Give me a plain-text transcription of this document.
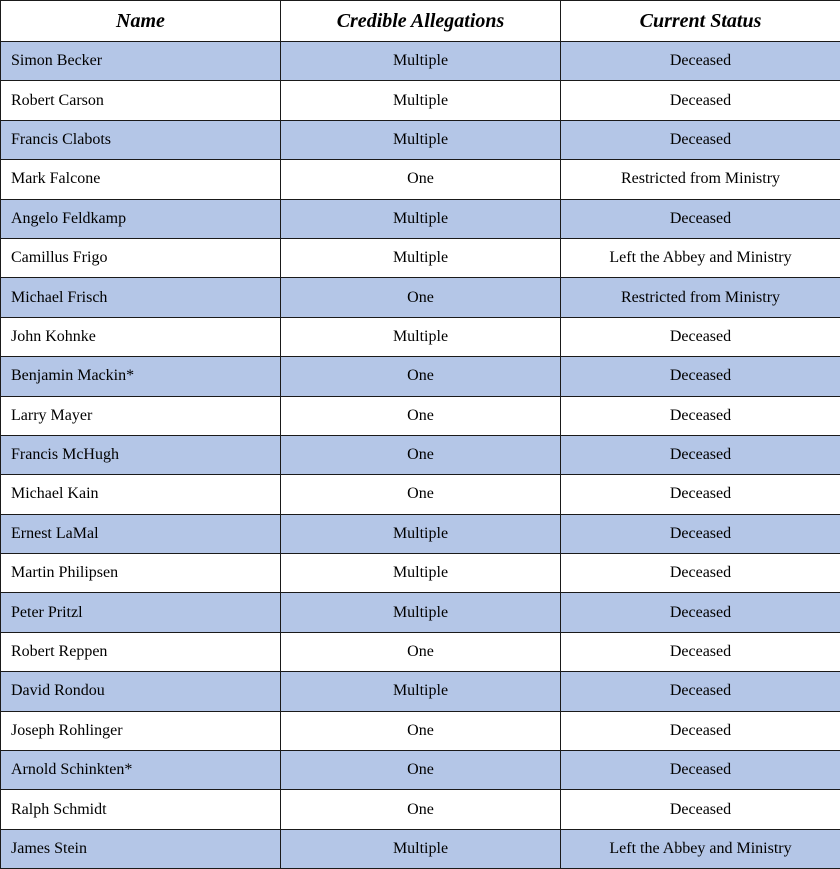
Name	Credible Allegations	Current Status
Simon Becker	Multiple	Deceased
Robert Carson	Multiple	Deceased
Francis Clabots	Multiple	Deceased
Mark Falcone	One	Restricted from Ministry
Angelo Feldkamp	Multiple	Deceased
Camillus Frigo	Multiple	Left the Abbey and Ministry
Michael Frisch	One	Restricted from Ministry
John Kohnke	Multiple	Deceased
Benjamin Mackin*	One	Deceased
Larry Mayer	One	Deceased
Francis McHugh	One	Deceased
Michael Kain	One	Deceased
Ernest LaMal	Multiple	Deceased
Martin Philipsen	Multiple	Deceased
Peter Pritzl	Multiple	Deceased
Robert Reppen	One	Deceased
David Rondou	Multiple	Deceased
Joseph Rohlinger	One	Deceased
Arnold Schinkten*	One	Deceased
Ralph Schmidt	One	Deceased
James Stein	Multiple	Left the Abbey and Ministry
